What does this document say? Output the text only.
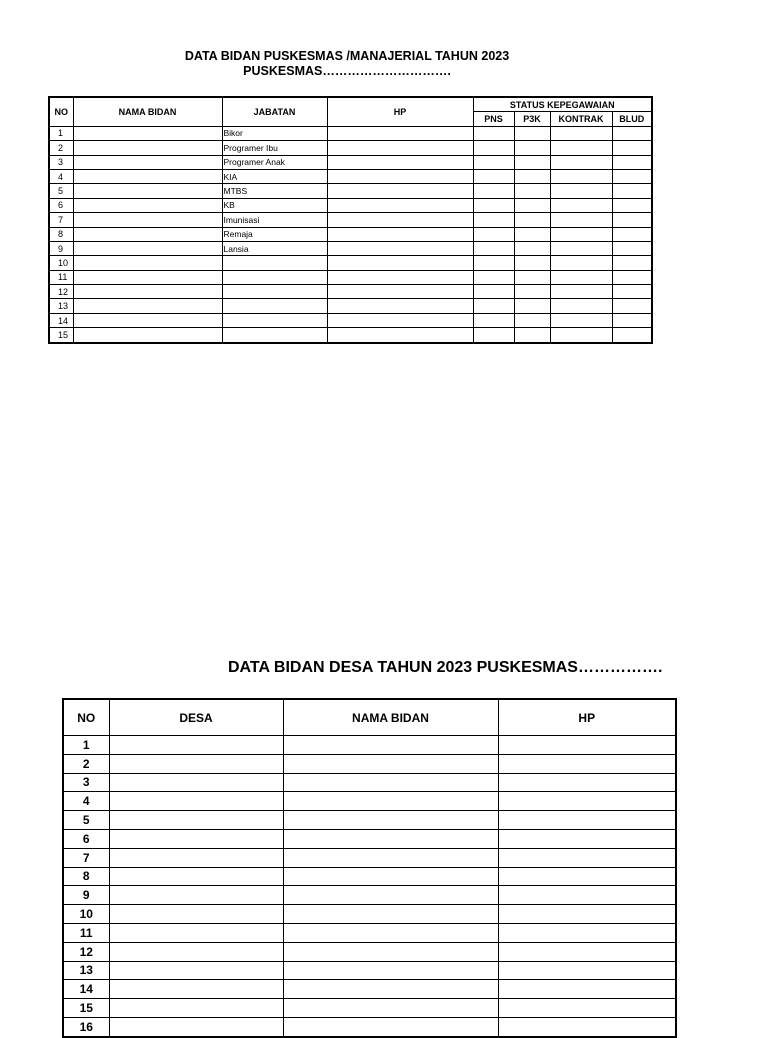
DATA BIDAN PUSKESMAS /MANAJERIAL TAHUN 2023
PUSKESMAS………………………….
NO	NAMA BIDAN	JABATAN	HP	STATUS KEPEGAWAIAN			
				PNS	P3K	KONTRAK	BLUD
1		Bikor					
2		Programer Ibu					
3		Programer Anak					
4		KIA					
5		MTBS					
6		KB					
7		Imunisasi					
8		Remaja					
9		Lansia					
10							
11							
12							
13							
14							
15							
DATA BIDAN DESA TAHUN 2023 PUSKESMAS…………….
NO	DESA	NAMA BIDAN	HP
1			
2			
3			
4			
5			
6			
7			
8			
9			
10			
11			
12			
13			
14			
15			
16			
